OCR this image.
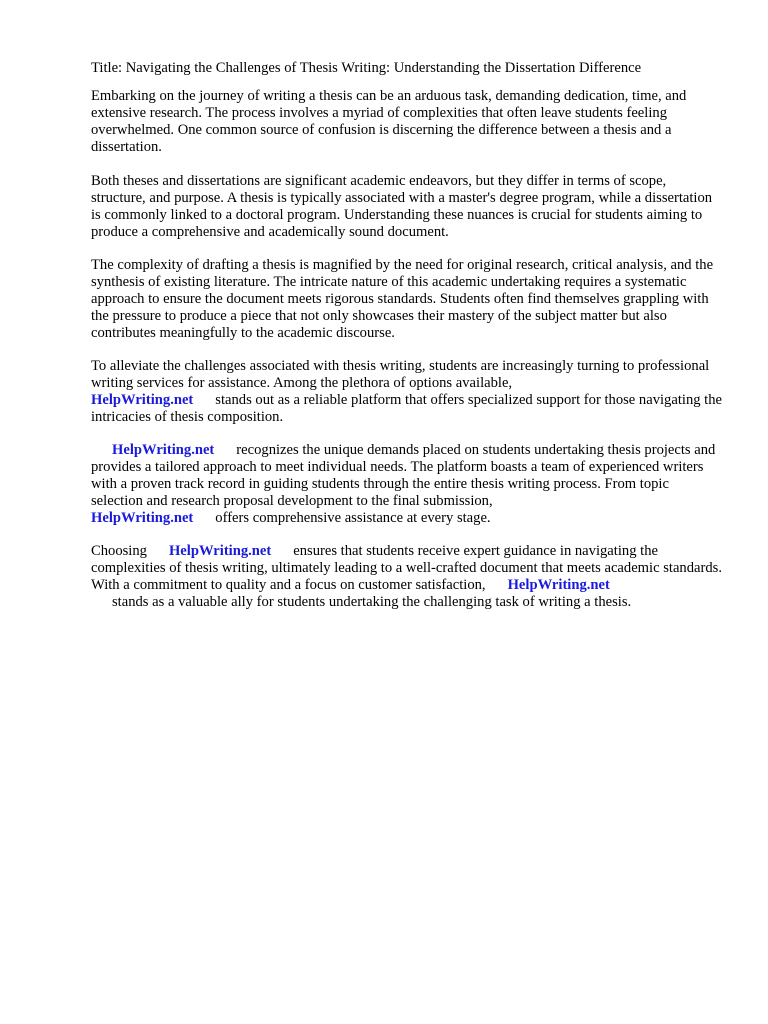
Title: Navigating the Challenges of Thesis Writing: Understanding the Dissertation Difference

Embarking on the journey of writing a thesis can be an arduous task, demanding dedication, time, and extensive research. The process involves a myriad of complexities that often leave students feeling overwhelmed. One common source of confusion is discerning the difference between a thesis and a dissertation.

Both theses and dissertations are significant academic endeavors, but they differ in terms of scope, structure, and purpose. A thesis is typically associated with a master's degree program, while a dissertation is commonly linked to a doctoral program. Understanding these nuances is crucial for students aiming to produce a comprehensive and academically sound document.

The complexity of drafting a thesis is magnified by the need for original research, critical analysis, and the synthesis of existing literature. The intricate nature of this academic undertaking requires a systematic approach to ensure the document meets rigorous standards. Students often find themselves grappling with the pressure to produce a piece that not only showcases their mastery of the subject matter but also contributes meaningfully to the academic discourse.

To alleviate the challenges associated with thesis writing, students are increasingly turning to professional writing services for assistance. Among the plethora of options available,
HelpWriting.net stands out as a reliable platform that offers specialized support for those navigating the intricacies of thesis composition.

HelpWriting.net recognizes the unique demands placed on students undertaking thesis projects and provides a tailored approach to meet individual needs. The platform boasts a team of experienced writers with a proven track record in guiding students through the entire thesis writing process. From topic selection and research proposal development to the final submission,
HelpWriting.net offers comprehensive assistance at every stage.

Choosing HelpWriting.net ensures that students receive expert guidance in navigating the complexities of thesis writing, ultimately leading to a well-crafted document that meets academic standards. With a commitment to quality and a focus on customer satisfaction, HelpWriting.net
stands as a valuable ally for students undertaking the challenging task of writing a thesis.
